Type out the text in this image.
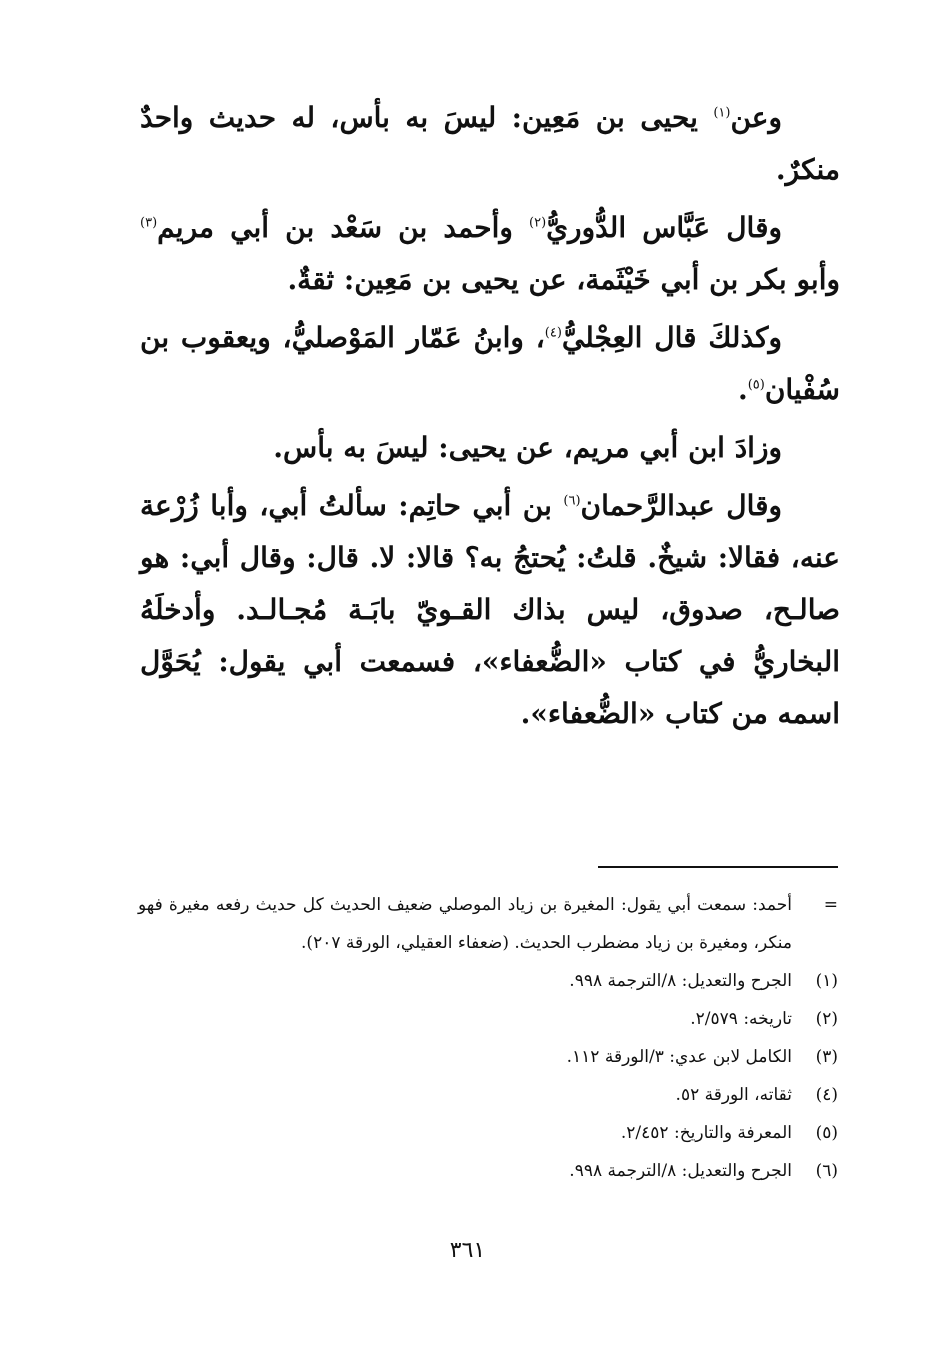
وعن$^{(١)}$ يحيى بن مَعِين: ليسَ به بأس، له حديث واحدٌ منكرٌ.

وقال عَبَّاس الدُّوريُّ$^{(٢)}$ وأحمد بن سَعْد بن أبي مريم$^{(٣)}$ وأبو بكر بن أبي خَيْثَمة، عن يحيى بن مَعِين: ثقةٌ.

وكذلكَ قال العِجْليُّ$^{(٤)}$، وابنُ عَمّار المَوْصليُّ، ويعقوب بن سُفْيان$^{(٥)}$.

وزادَ ابن أبي مريم، عن يحيى: ليسَ به بأس.

وقال عبدالرَّحمان$^{(٦)}$ بن أبي حاتِم: سألتُ أبي، وأبا زُرْعة عنه، فقالا: شيخٌ. قلتُ: يُحتجُ به؟ قالا: لا. قال: وقال أبي: هو صالـح، صدوق، ليس بذاك القـويّ بابَـة مُجـالـد. وأدخلَهُ البخاريُّ في كتاب «الضُّعفاء»، فسمعت أبي يقول: يُحَوَّل اسمه من كتاب «الضُّعفاء».

=
أحمد: سمعت أبي يقول: المغيرة بن زياد الموصلي ضعيف الحديث كل حديث رفعه مغيرة فهو منكر، ومغيرة بن زياد مضطرب الحديث. (ضعفاء العقيلي، الورقة ٢٠٧).
(١)
الجرح والتعديل: ٨/الترجمة ٩٩٨.
(٢)
تاريخه: ٢/٥٧٩.
(٣)
الكامل لابن عدي: ٣/الورقة ١١٢.
(٤)
ثقاته، الورقة ٥٢.
(٥)
المعرفة والتاريخ: ٢/٤٥٢.
(٦)
الجرح والتعديل: ٨/الترجمة ٩٩٨.
٣٦١
